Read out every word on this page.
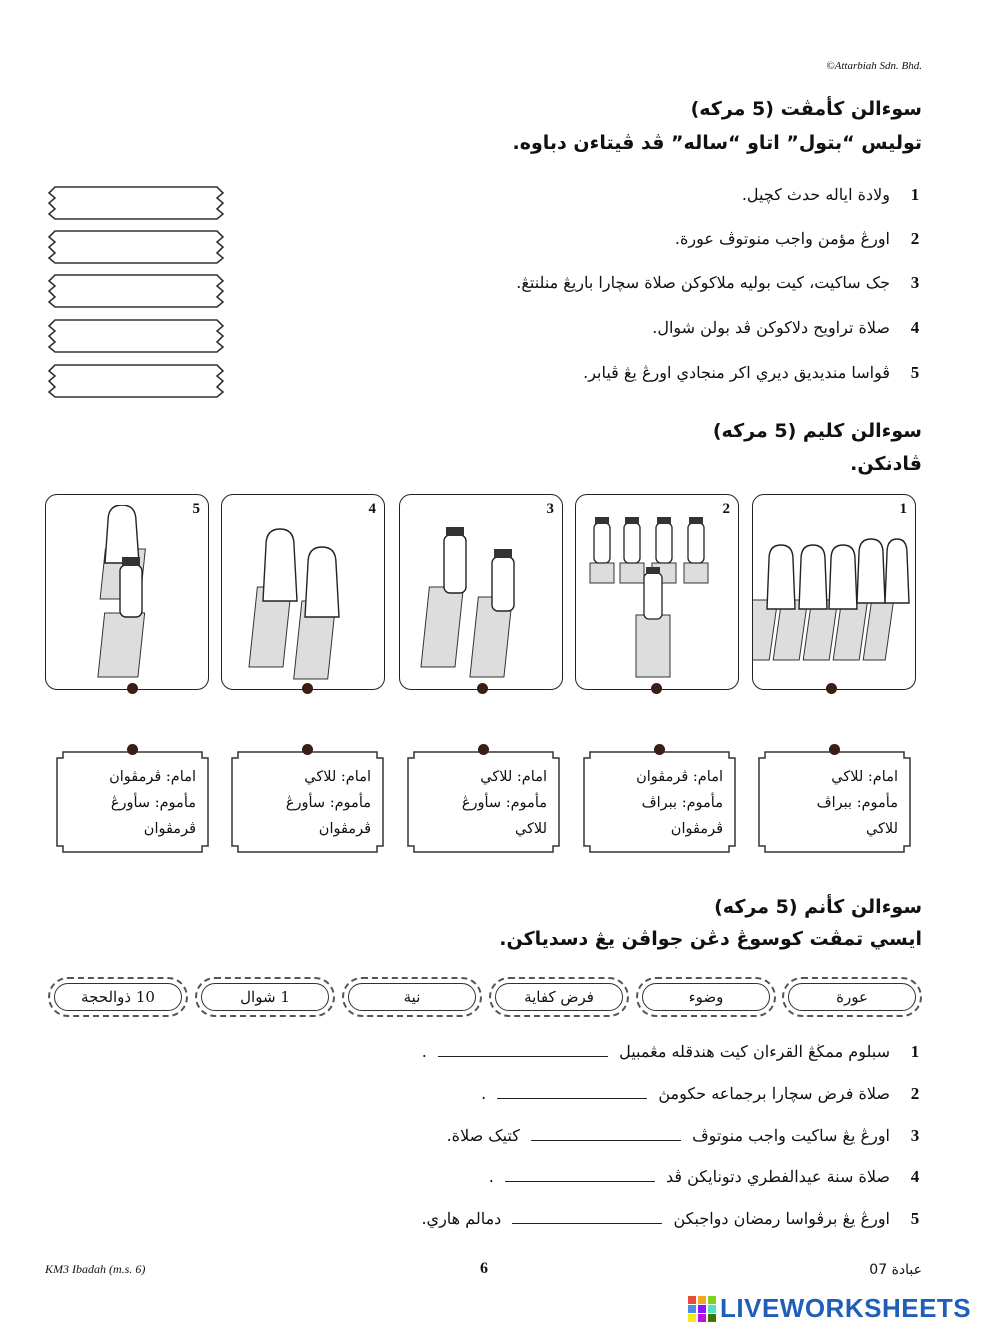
©Attarbiah Sdn. Bhd.
سوءالن كأمڤت (5 مركه)
توليس “بتول” اتاو “ساله” ڤد ڤيتاءن دباوه.
1
ولادة اياله حدث كچيل.
2
اورڠ مؤمن واجب منوتوڤ عورة.
3
جک ساکيت، کيت بوليه ملاکوکن صلاة سچارا باريڠ منلنتڠ.
4
صلاة تراويح دلاكوكن ڤد بولن شوال.
5
ڤواسا منديديق ديري اکر منجادي اورڠ يڠ ڤيابر.
سوءالن كليم (5 مركه)
ڤادنكن.
1
2
3
4
5
امام: للاكي
مأموم: ببراڤ
للاكي
امام: ڤرمڤوان
مأموم: ببراڤ
ڤرمڤوان
امام: للاكي
مأموم: سأورڠ
للاكي
امام: للاكي
مأموم: سأورڠ
ڤرمڤوان
امام: ڤرمڤوان
مأموم: سأورڠ
ڤرمڤوان
سوءالن كأنم (5 مركه)
ايسي تمڤت كوسوڠ دڠن جواڤن يڠ دسدياكن.
عورة
وضوء
فرض كفاية
نية
1 شوال
10 ذوالحجة
1
سبلوم ممڬڠ القرءان كيت هندقله مڠمبيل  .
2
صلاة فرض سچارا برجماعه حكومڽ  .
3
اورڠ يڠ ساكيت واجب منوتوڤ  كتيک صلاة.
4
صلاة سنة عيدالفطري دتونايكن ڤد  .
5
اورڠ يڠ برڤواسا رمضان دواجبكن  دمالم هاري.
KM3 Ibadah (m.s. 6)	6	عبادة 07
LIVEWORKSHEETS
